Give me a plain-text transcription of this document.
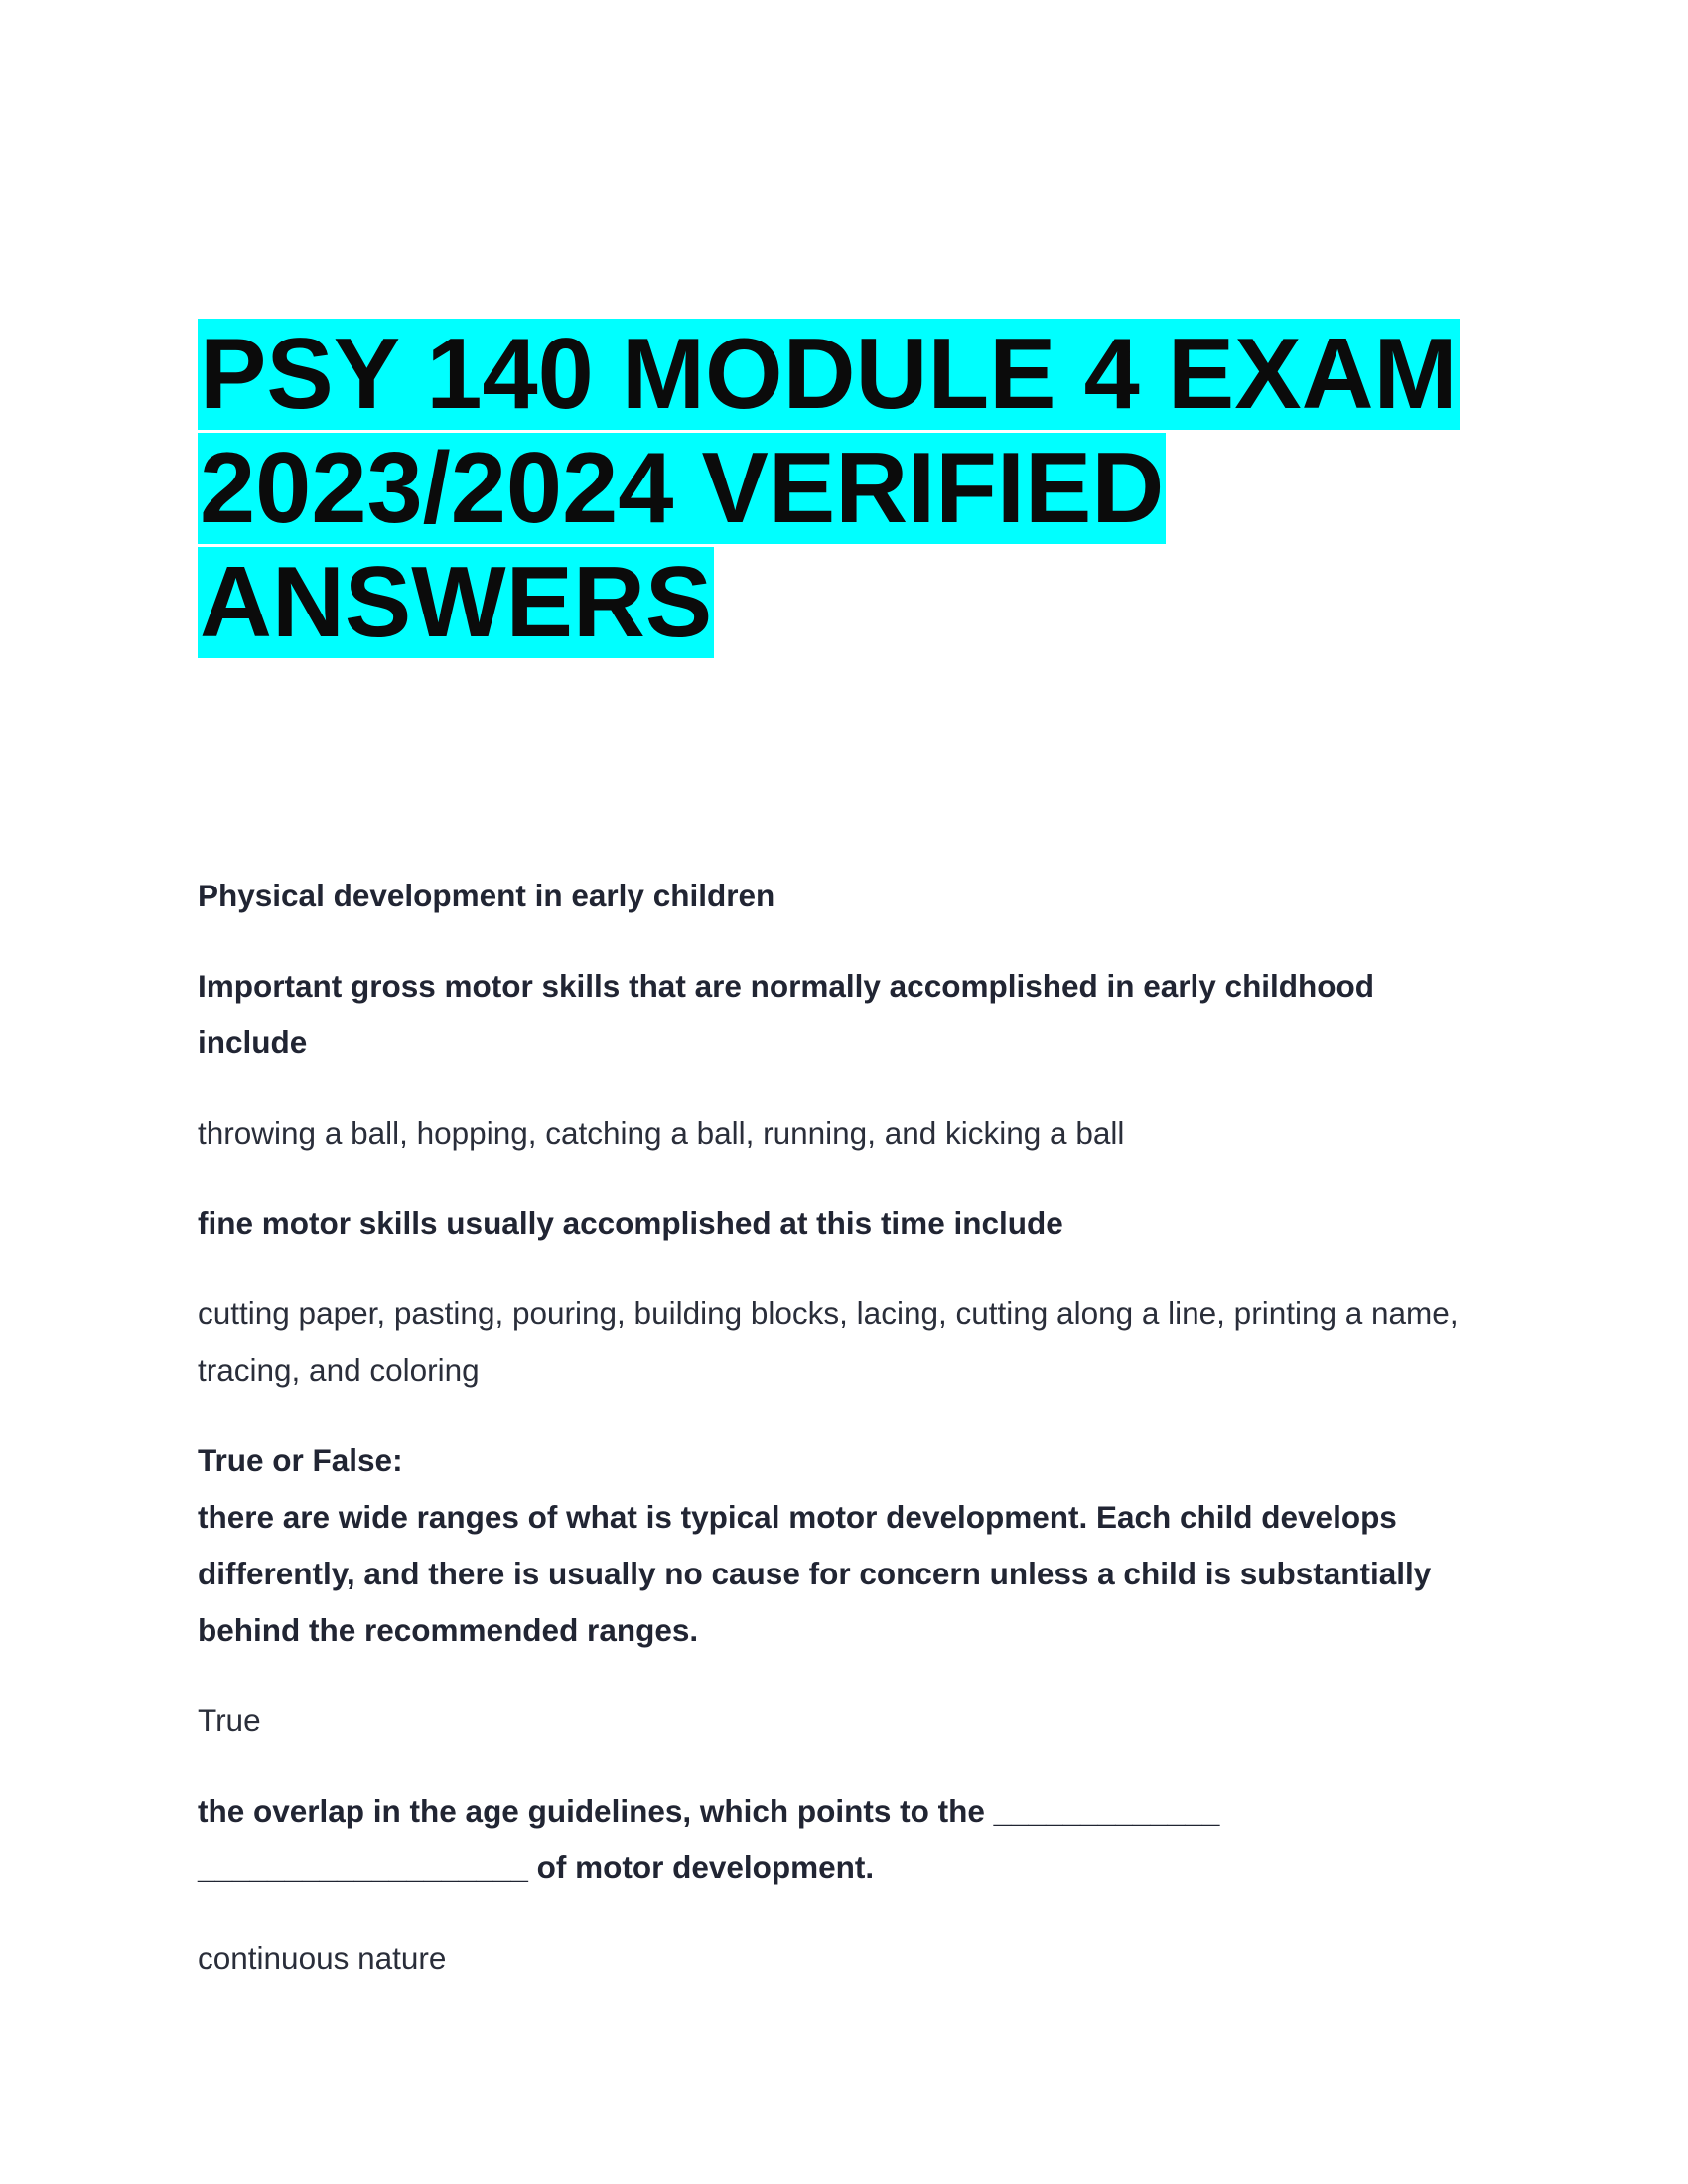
PSY 140 MODULE 4 EXAM 2023/2024 VERIFIED ANSWERS

Physical development in early children

Important gross motor skills that are normally accomplished in early childhood include

throwing a ball, hopping, catching a ball, running, and kicking a ball

fine motor skills usually accomplished at this time include

cutting paper, pasting, pouring, building blocks, lacing, cutting along a line, printing a name, tracing, and coloring

True or False:

there are wide ranges of what is typical motor development. Each child develops differently, and there is usually no cause for concern unless a child is substantially behind the recommended ranges.

True

the overlap in the age guidelines, which points to the _____________ ___________________ of motor development.

continuous nature
